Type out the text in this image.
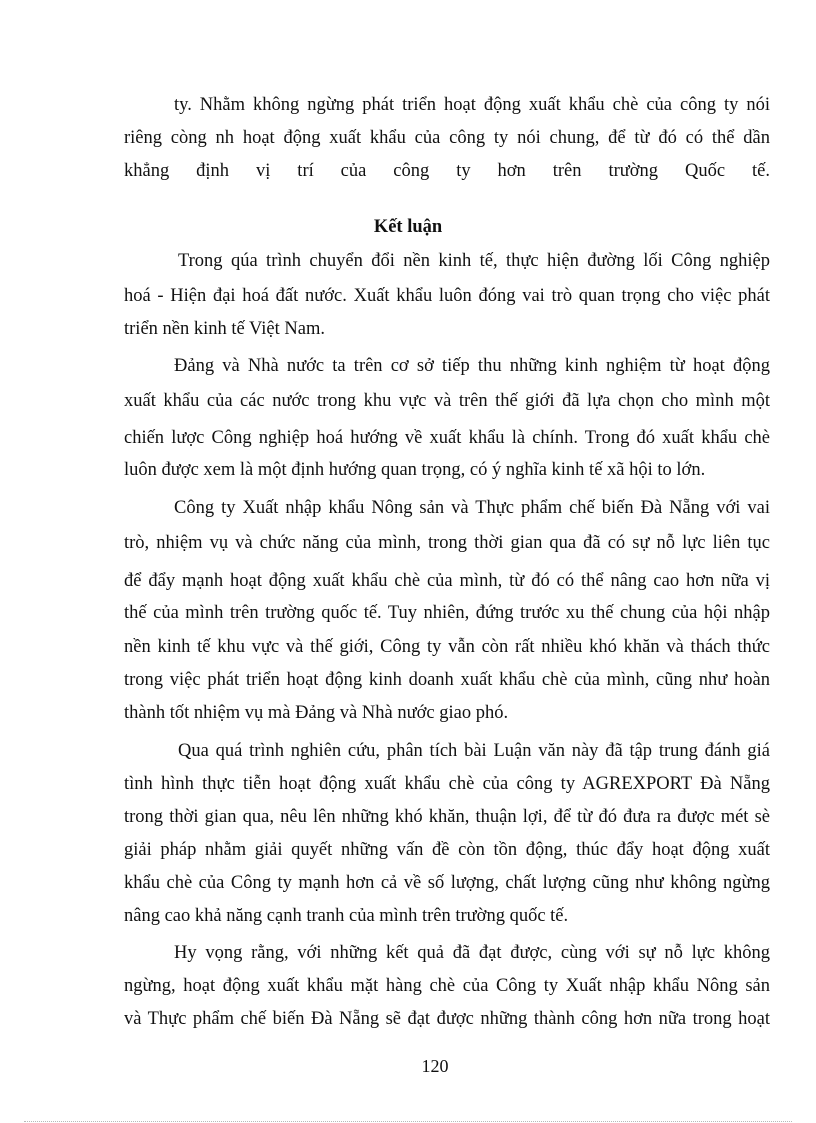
ty. Nhằm không ngừng phát triển hoạt động xuất khẩu chè của công ty nói
riêng còng nh hoạt động xuất khẩu của công ty nói chung, để từ đó có thể dần
khẳng định vị trí của công ty hơn trên trường Quốc tế.
Kết luận
Trong qúa trình chuyển đổi nền kinh tế, thực hiện đường lối Công nghiệp
hoá - Hiện đại hoá đất nước. Xuất khẩu luôn đóng vai trò quan trọng cho việc phát
triển nền kinh tế Việt Nam.
Đảng và Nhà nước ta trên cơ sở tiếp thu những kinh nghiệm từ hoạt động
xuất khẩu của các nước trong khu vực và trên thế giới đã lựa chọn cho mình một
chiến lược Công nghiệp hoá hướng về xuất khẩu là chính. Trong đó xuất khẩu chè
luôn được xem là một định hướng quan trọng, có ý nghĩa kinh tế xã hội to lớn.
Công ty Xuất nhập khẩu Nông sản và Thực phẩm chế biến Đà Nẵng với vai
trò, nhiệm vụ và chức năng của mình, trong thời gian qua đã có sự nỗ lực liên tục
để đẩy mạnh hoạt động xuất khẩu chè của mình, từ đó có thể nâng cao hơn nữa vị
thế của mình trên trường quốc tế. Tuy nhiên, đứng trước xu thế chung của hội nhập
nền kinh tế khu vực và thế giới, Công ty vẫn còn rất nhiều khó khăn và thách thức
trong việc phát triển hoạt động kinh doanh xuất khẩu chè của mình, cũng như hoàn
thành tốt nhiệm vụ mà Đảng và Nhà nước giao phó.
Qua quá trình nghiên cứu, phân tích bài Luận văn này đã tập trung đánh giá
tình hình thực tiễn hoạt động xuất khẩu chè của công ty AGREXPORT Đà Nẵng
trong thời gian qua, nêu lên những khó khăn, thuận lợi, để từ đó đưa ra được mét sè
giải pháp nhằm giải quyết những vấn đề còn tồn động, thúc đẩy hoạt động xuất
khẩu chè của Công ty mạnh hơn cả về số lượng, chất lượng cũng như không ngừng
nâng cao khả năng cạnh tranh của mình trên trường quốc tế.
Hy vọng rằng, với những kết quả đã đạt được, cùng với sự nỗ lực không
ngừng, hoạt động xuất khẩu mặt hàng chè của Công ty Xuất nhập khẩu Nông sản
và Thực phẩm chế biến Đà Nẵng sẽ đạt được những thành công hơn nữa trong hoạt
120
